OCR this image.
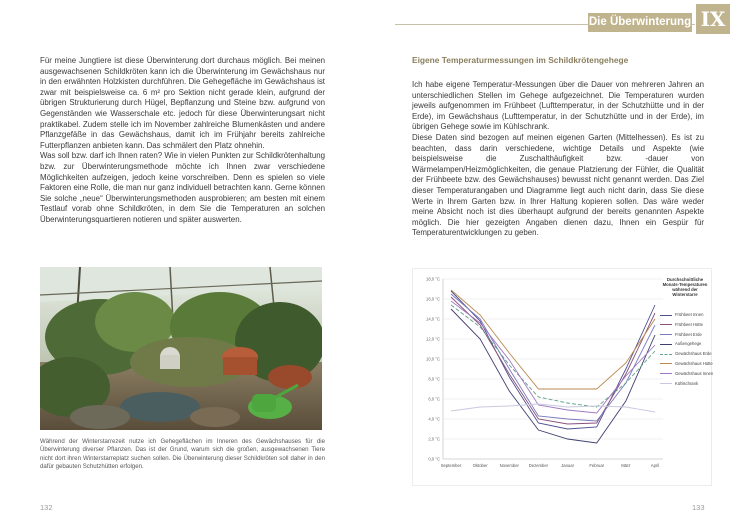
Für meine Jungtiere ist diese Überwinterung dort durchaus möglich. Bei meinen ausgewachsenen Schildkröten kann ich die Überwinterung im Gewächshaus nur in den erwähnten Holzkisten durchführen. Die Gehegefläche im Gewächshaus ist zwar mit beispielsweise ca. 6 m² pro Sektion nicht gerade klein, aufgrund der übrigen Strukturierung durch Hügel, Bepflanzung und Steine bzw. aufgrund von Gegenständen wie Wasserschale etc. jedoch für diese Überwinterungsart nicht praktikabel. Zudem stelle ich im November zahlreiche Blumenkästen und andere Pflanzgefäße in das Gewächshaus, damit ich im Frühjahr bereits zahlreiche Futterpflanzen anbieten kann. Das schmälert den Platz ohnehin.
Was soll bzw. darf ich Ihnen raten? Wie in vielen Punkten zur Schildkrötenhaltung bzw. zur Überwinterungsmethode möchte ich Ihnen zwar verschiedene Möglichkeiten aufzeigen, jedoch keine vorschreiben. Denn es spielen so viele Faktoren eine Rolle, die man nur ganz individuell betrachten kann. Gerne können Sie solche „neue“ Überwinterungsmethoden ausprobieren; am besten mit einem Testlauf vorab ohne Schildkröten, in dem Sie die Temperaturen an solchen Überwinterungsquartieren notieren und später auswerten.
Während der Winterstarrezeit nutze ich Gehegeflächen im Inneren des Gewächshauses für die Überwinterung diverser Pflanzen. Das ist der Grund, warum sich die großen, ausgewachsenen Tiere nicht dort ihren Winterstarreplatz suchen sollen. Die Überwinterung dieser Schildkröten soll daher in den dafür gebauten Schutzhütten erfolgen.
132
Die Überwinterung IX
Eigene Temperaturmessungen im Schildkrötengehege
Ich habe eigene Temperatur-Messungen über die Dauer von mehreren Jahren an unterschiedlichen Stellen im Gehege aufgezeichnet. Die Temperaturen wurden jeweils aufgenommen im Frühbeet (Lufttemperatur, in der Schutzhütte und in der Erde), im Gewächshaus (Lufttemperatur, in der Schutzhütte und in der Erde), im übrigen Gehege sowie im Kühlschrank.
Diese Daten sind bezogen auf meinen eigenen Garten (Mittelhessen). Es ist zu beachten, dass darin verschiedene, wichtige Details und Aspekte (wie beispielsweise die Zuschalthäufigkeit bzw. -dauer von Wärmelampen/Heizmöglichkeiten, die genaue Platzierung der Fühler, die Qualität der Frühbeete bzw. des Gewächshauses) bewusst nicht genannt werden. Das Ziel dieser Temperaturangaben und Diagramme liegt auch nicht darin, dass Sie diese Werte in Ihrem Garten bzw. in Ihrer Haltung kopieren sollen. Das wäre weder meine Absicht noch ist dies überhaupt aufgrund der bereits genannten Aspekte möglich. Die hier gezeigten Angaben dienen dazu, Ihnen ein Gespür für Temperaturentwicklungen zu geben.
0,0 °C
2,0 °C
4,0 °C
6,0 °C
8,0 °C
10,0 °C
12,0 °C
14,0 °C
16,0 °C
18,0 °C
September	Oktober	November Dezember	Januar	Februar	März	April
Durchschnittliche Monats-Temperaturen während der Winterstarre
Frühbeet Innen
Frühbeet Hütte
Frühbeet Erde
Außengehege
Gewächshaus Erde
Gewächshaus Hütte
Gewächshaus Innen
Kühlschrank
133
